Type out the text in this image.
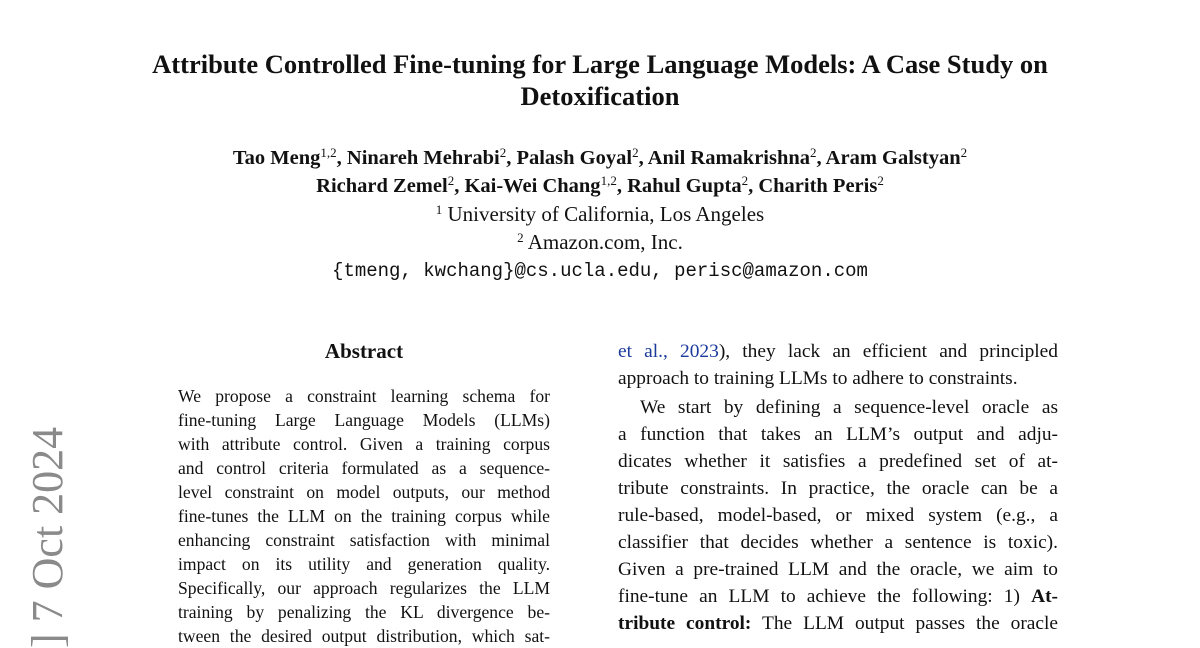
Attribute Controlled Fine-tuning for Large Language Models: A Case Study on Detoxification
Tao Meng$^{1,2}$, Ninareh Mehrabi$^2$, Palash Goyal$^2$, Anil Ramakrishna$^2$, Aram Galstyan$^2$
Richard Zemel$^2$, Kai-Wei Chang$^{1,2}$, Rahul Gupta$^2$, Charith Peris$^2$
$^1$ University of California, Los Angeles
$^2$ Amazon.com, Inc.
{tmeng, kwchang}@cs.ucla.edu, perisc@amazon.com
] 7 Oct 2024
Abstract
We propose a constraint learning schema for
fine-tuning Large Language Models (LLMs)
with attribute control. Given a training corpus
and control criteria formulated as a sequence-
level constraint on model outputs, our method
fine-tunes the LLM on the training corpus while
enhancing constraint satisfaction with minimal
impact on its utility and generation quality.
Specifically, our approach regularizes the LLM
training by penalizing the KL divergence be-
tween the desired output distribution, which sat-
et al., 2023), they lack an efficient and principled
approach to training LLMs to adhere to constraints.
We start by defining a sequence-level oracle as
a function that takes an LLM’s output and adju-
dicates whether it satisfies a predefined set of at-
tribute constraints. In practice, the oracle can be a
rule-based, model-based, or mixed system (e.g., a
classifier that decides whether a sentence is toxic).
Given a pre-trained LLM and the oracle, we aim to
fine-tune an LLM to achieve the following: 1) At-
tribute control: The LLM output passes the oracle
